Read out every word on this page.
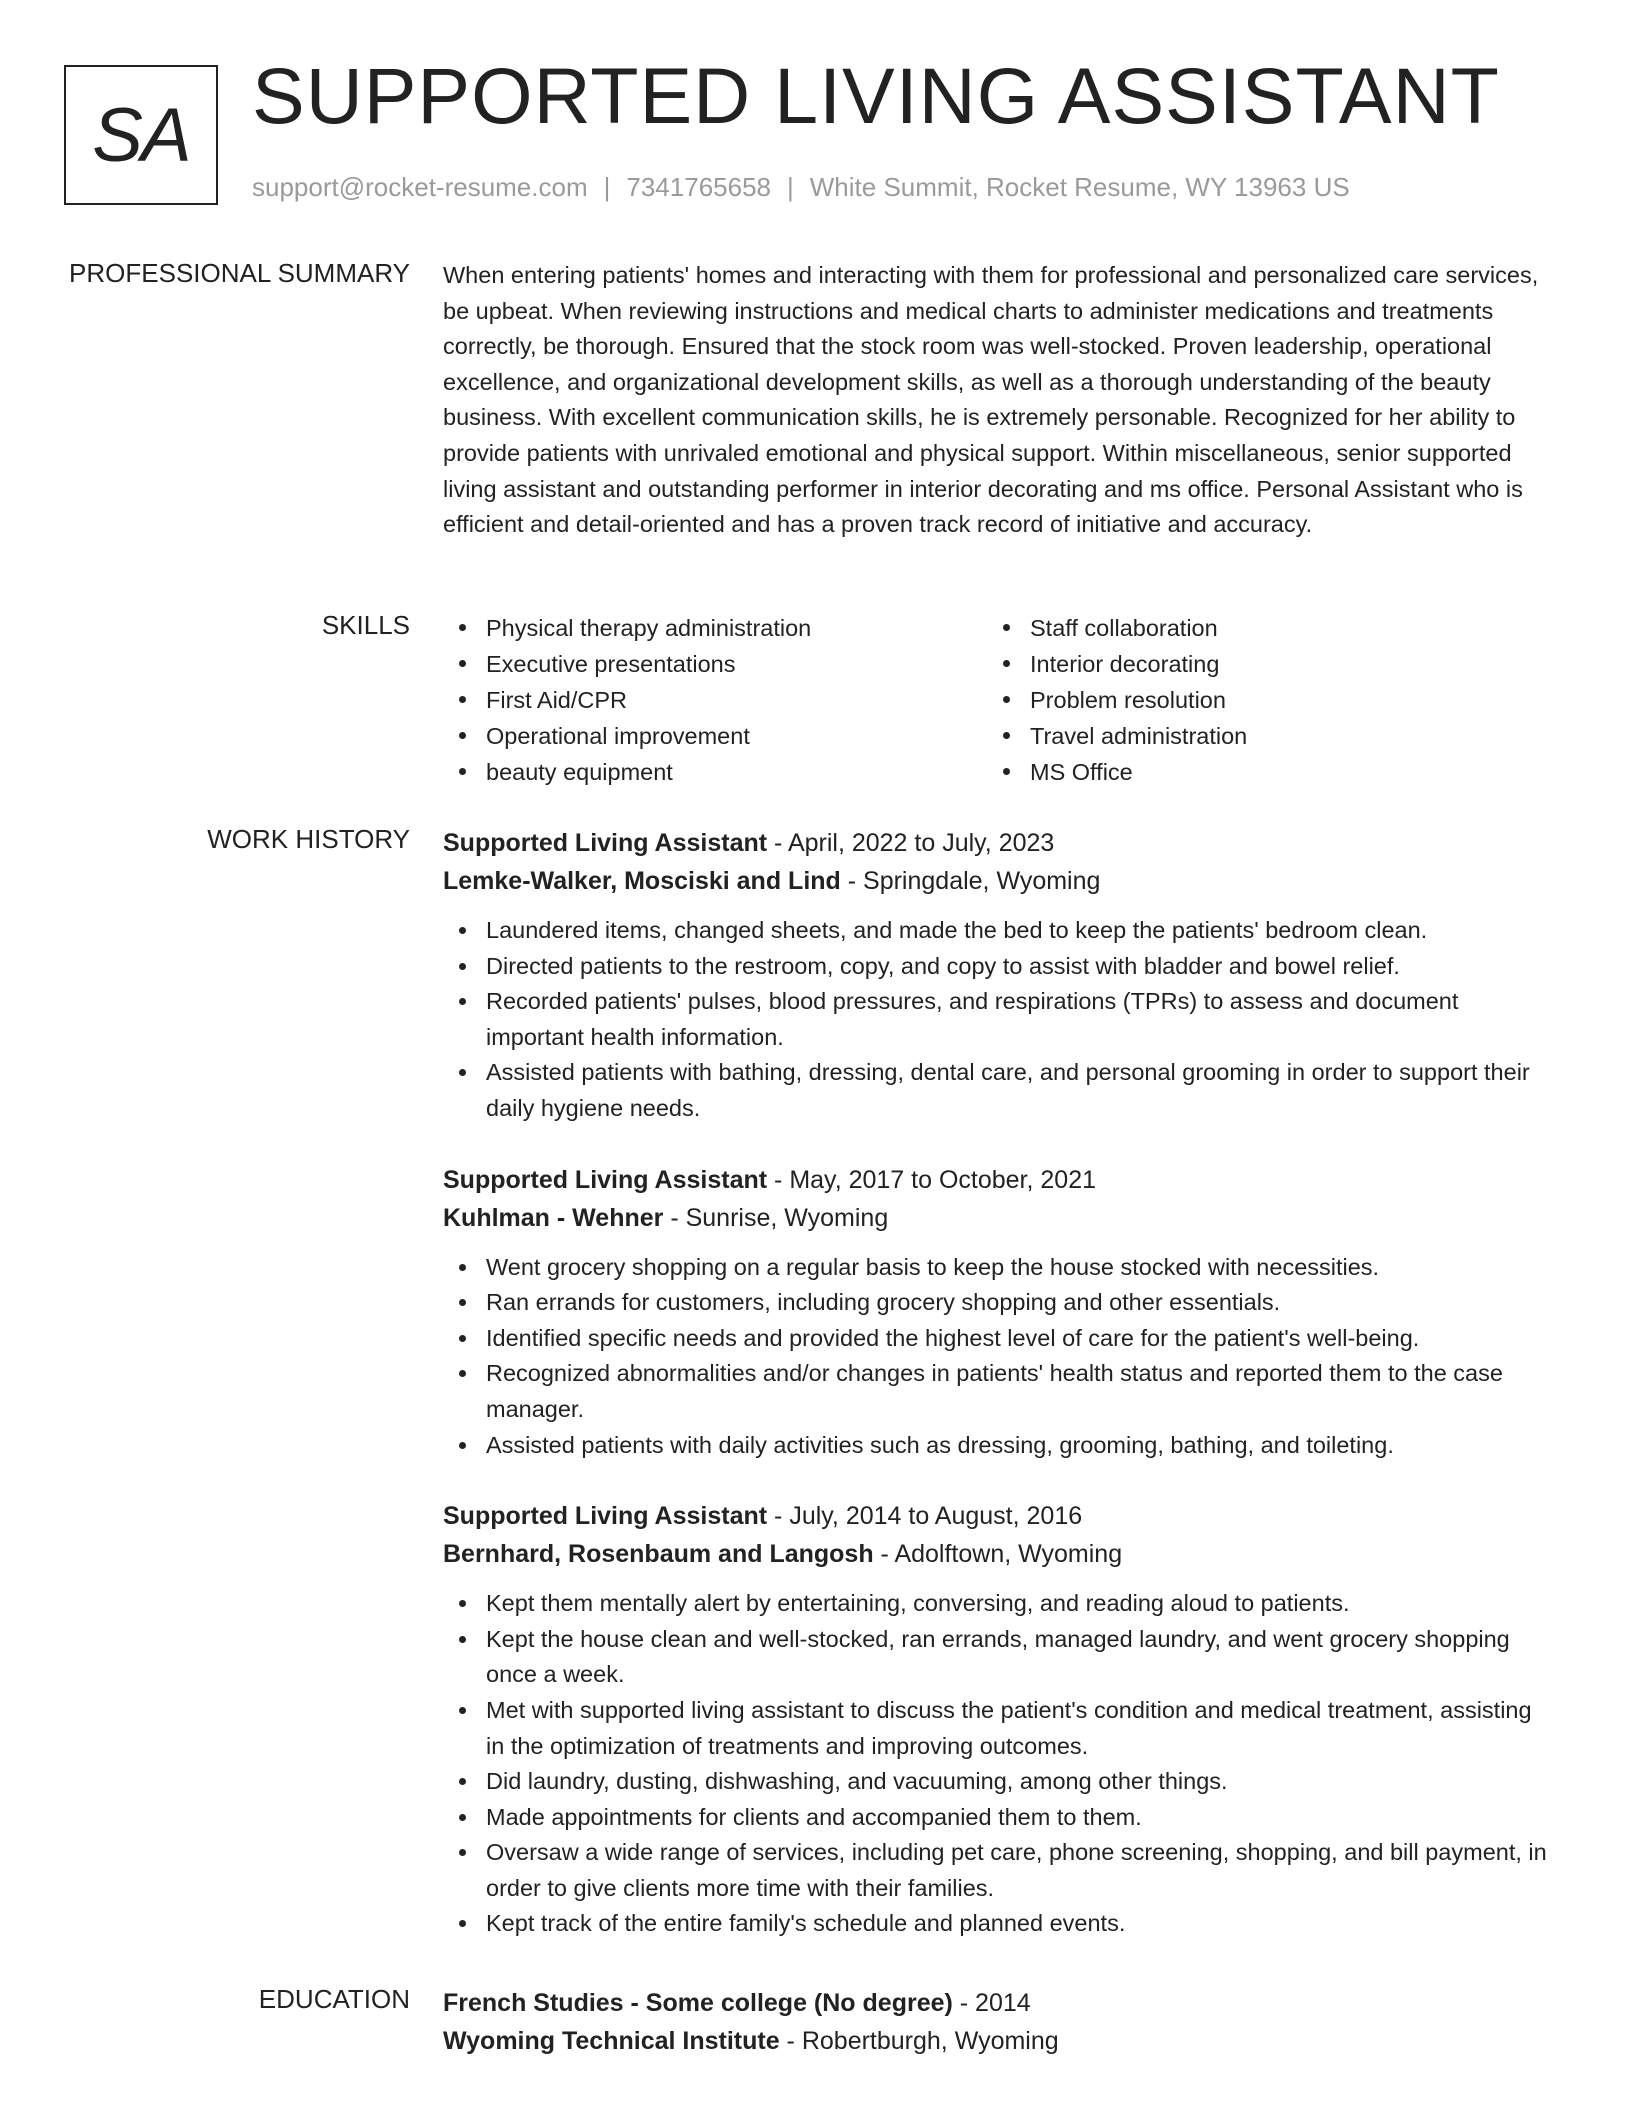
SA SUPPORTED LIVING ASSISTANT
support@rocket-resume.com | 7341765658 | White Summit, Rocket Resume, WY 13963 US
PROFESSIONAL SUMMARY When entering patients' homes and interacting with them for professional and personalized care services, be upbeat. When reviewing instructions and medical charts to administer medications and treatments correctly, be thorough. Ensured that the stock room was well-stocked. Proven leadership, operational excellence, and organizational development skills, as well as a thorough understanding of the beauty business. With excellent communication skills, he is extremely personable. Recognized for her ability to provide patients with unrivaled emotional and physical support. Within miscellaneous, senior supported living assistant and outstanding performer in interior decorating and ms office. Personal Assistant who is efficient and detail-oriented and has a proven track record of initiative and accuracy.
SKILLS	Physical therapy administration
Executive presentations
First Aid/CPR
Operational improvement
beauty equipment
Staff collaboration
Interior decorating
Problem resolution
Travel administration
MS Office
WORK HISTORY Supported Living Assistant - April, 2022 to July, 2023
Lemke-Walker, Mosciski and Lind - Springdale, Wyoming
Laundered items, changed sheets, and made the bed to keep the patients' bedroom clean.
Directed patients to the restroom, copy, and copy to assist with bladder and bowel relief.
Recorded patients' pulses, blood pressures, and respirations (TPRs) to assess and document important health information.
Assisted patients with bathing, dressing, dental care, and personal grooming in order to support their daily hygiene needs.
Supported Living Assistant - May, 2017 to October, 2021
Kuhlman - Wehner - Sunrise, Wyoming
Went grocery shopping on a regular basis to keep the house stocked with necessities.
Ran errands for customers, including grocery shopping and other essentials.
Identified specific needs and provided the highest level of care for the patient's well-being.
Recognized abnormalities and/or changes in patients' health status and reported them to the case manager.
Assisted patients with daily activities such as dressing, grooming, bathing, and toileting.
Supported Living Assistant - July, 2014 to August, 2016
Bernhard, Rosenbaum and Langosh - Adolftown, Wyoming
Kept them mentally alert by entertaining, conversing, and reading aloud to patients.
Kept the house clean and well-stocked, ran errands, managed laundry, and went grocery shopping once a week.
Met with supported living assistant to discuss the patient's condition and medical treatment, assisting in the optimization of treatments and improving outcomes.
Did laundry, dusting, dishwashing, and vacuuming, among other things.
Made appointments for clients and accompanied them to them.
Oversaw a wide range of services, including pet care, phone screening, shopping, and bill payment, in order to give clients more time with their families.
Kept track of the entire family's schedule and planned events.
EDUCATION French Studies - Some college (No degree) - 2014
Wyoming Technical Institute - Robertburgh, Wyoming
